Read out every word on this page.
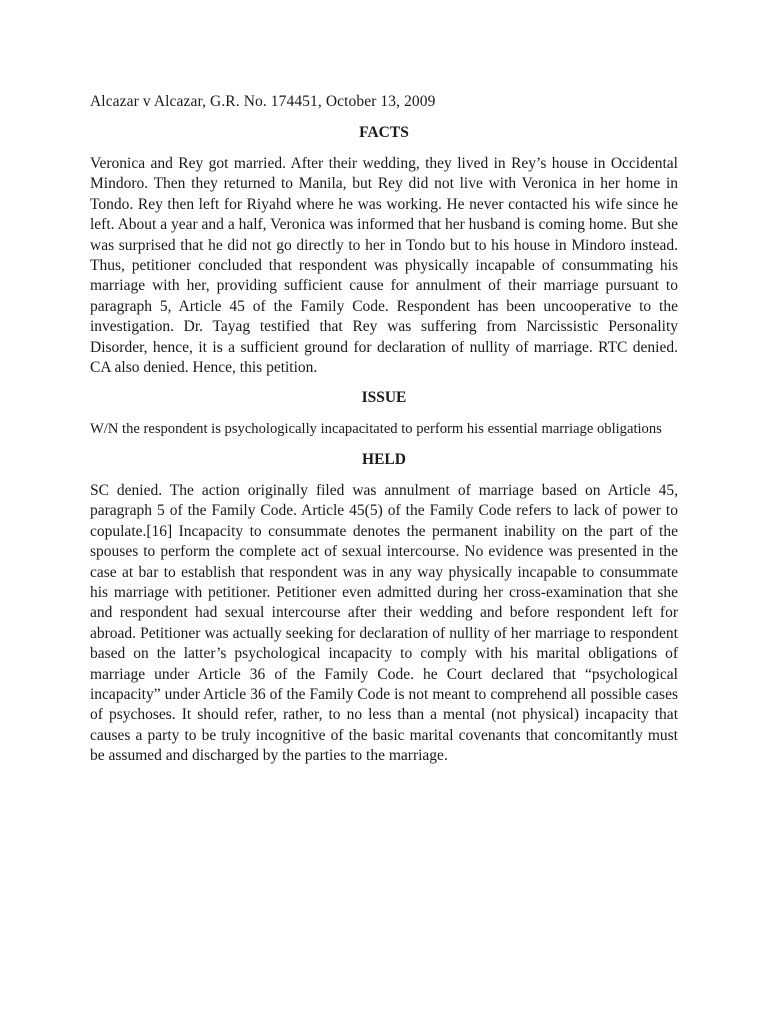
Alcazar v Alcazar, G.R. No. 174451, October 13, 2009
FACTS

Veronica and Rey got married. After their wedding, they lived in Rey’s house in Occidental Mindoro. Then they returned to Manila, but Rey did not live with Veronica in her home in Tondo. Rey then left for Riyahd where he was working. He never contacted his wife since he left. About a year and a half, Veronica was informed that her husband is coming home. But she was surprised that he did not go directly to her in Tondo but to his house in Mindoro instead. Thus, petitioner concluded that respondent was physically incapable of consummating his marriage with her, providing sufficient cause for annulment of their marriage pursuant to paragraph 5, Article 45 of the Family Code. Respondent has been uncooperative to the investigation. Dr. Tayag testified that Rey was suffering from Narcissistic Personality Disorder, hence, it is a sufficient ground for declaration of nullity of marriage. RTC denied. CA also denied. Hence, this petition.

ISSUE

W/N the respondent is psychologically incapacitated to perform his essential marriage obligations

HELD

SC denied. The action originally filed was annulment of marriage based on Article 45, paragraph 5 of the Family Code. Article 45(5) of the Family Code refers to lack of power to copulate.[16] Incapacity to consummate denotes the permanent inability on the part of the spouses to perform the complete act of sexual intercourse. No evidence was presented in the case at bar to establish that respondent was in any way physically incapable to consummate his marriage with petitioner. Petitioner even admitted during her cross-examination that she and respondent had sexual intercourse after their wedding and before respondent left for abroad. Petitioner was actually seeking for declaration of nullity of her marriage to respondent based on the latter’s psychological incapacity to comply with his marital obligations of marriage under Article 36 of the Family Code. he Court declared that “psychological incapacity” under Article 36 of the Family Code is not meant to comprehend all possible cases of psychoses. It should refer, rather, to no less than a mental (not physical) incapacity that causes a party to be truly incognitive of the basic marital covenants that concomitantly must be assumed and discharged by the parties to the marriage.
